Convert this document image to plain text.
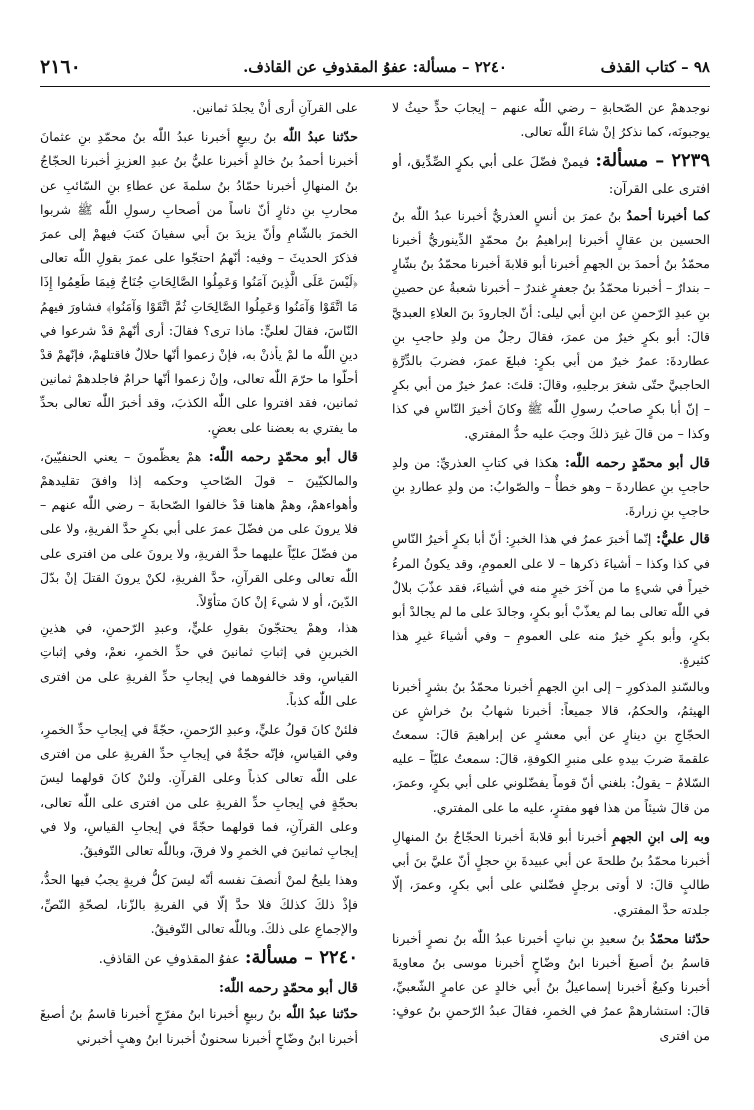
٩٨ – كتاب القذف
٢٢٤٠ – مسألة: عفوُ المقذوفِ عن القاذف.
٢١٦٠

نوجدهمْ عن الصّحابةِ – رضي اللّٰه عنهم – إيجابَ حدٍّ حيثُ لا يوجبونَه، كما نذكرُ إنْ شاءَ اللّٰه تعالى.

٢٢٣٩ – مسألة: فيمنْ فضّلَ على أبي بكرٍ الصِّدِّيق، أو افترى على القرآن:

كما أخبرنا أحمدُ بنُ عمرَ بن أنسٍ العذريُّ أخبرنا عبدُ اللّٰه بنُ الحسين بن عقالٍ أخبرنا إبراهيمُ بنُ محمّدٍ الدِّينوريُّ أخبرنا محمّدُ بنُ أحمدَ بن الجهمِ أخبرنا أبو قلابةَ أخبرنا محمّدُ بنُ بشّارٍ – بندارٌ – أخبرنا محمّدُ بنُ جعفرٍ غندرٌ – أخبرنا شعبةُ عن حصينِ بنِ عبدِ الرّحمنِ عن ابنِ أبي ليلى: أنّ الجارودَ بنَ العلاءِ العبديَّ قالَ: أبو بكرٍ خيرٌ من عمرَ، فقالَ رجلٌ من ولدِ حاجبِ بنِ عطاردةَ: عمرُ خيرٌ من أبي بكرٍ: فبلغَ عمرَ، فضربَ بالدِّرَّةِ الحاجبيَّ حتّى شغرَ برجليهِ، وقالَ: قلتَ: عمرُ خيرٌ من أبي بكرٍ – إنّ أبا بكرٍ صاحبُ رسولِ اللّٰه ﷺ وكانَ أخيرَ النّاسِ في كذا وكذا – من قالَ غيرَ ذلكَ وجبَ عليه حدُّ المفتري.

قال أبو محمّدٍ رحمه اللّٰه: هكذا في كتابِ العذريِّ: من ولدِ حاجبِ بنِ عطاردةَ – وهو خطأٌ – والصّوابُ: من ولدِ عطاردِ بنِ حاجبِ بنِ زرارةَ.
قال عليٌّ: إنّما أخبرَ عمرُ في هذا الخبرِ: أنّ أبا بكرٍ أخيرُ النّاسِ في كذا وكذا – أشياءَ ذكرها – لا على العمومِ، وقد يكونُ المرءُ خيراً في شيءٍ ما من آخرَ خيرٍ منه في أشياءَ، فقد عذّبَ بلالٌ في اللّٰه تعالى بما لم يعذّبْ أبو بكرٍ، وجالدَ على ما لم يجالدْ أبو بكرٍ، وأبو بكرٍ خيرٌ منه على العمومِ – وفي أشياءَ غيرِ هذا كثيرةٍ.

وبالسّندِ المذكورِ – إلى ابنِ الجهمِ أخبرنا محمّدُ بنُ بشرٍ أخبرنا الهيثمُ، والحكمُ، قالا جميعاً: أخبرنا شهابُ بنُ خراشٍ عن الحجّاجِ بنِ دينارٍ عن أبي معشرٍ عن إبراهيمَ قالَ: سمعتُ علقمةَ ضربَ بيدهِ على منبرِ الكوفةِ، قالَ: سمعتُ عليّاً – عليه السّلامُ – يقولُ: بلغني أنّ قوماً يفضّلوني على أبي بكرٍ، وعمرَ، من قالَ شيئاً من هذا فهو مفترٍ، عليه ما على المفتري.

وبه إلى ابنِ الجهمِ أخبرنا أبو قلابةَ أخبرنا الحجّاجُ بنُ المنهالِ أخبرنا محمّدُ بنُ طلحةَ عن أبي عبيدةَ بنِ حجلٍ أنّ عليَّ بنَ أبي طالبٍ قالَ: لا أوتى برجلٍ فضّلني على أبي بكرٍ، وعمرَ، إلّا جلدته حدَّ المفتري.

حدّثنا محمّدُ بنُ سعيدِ بنِ نباتٍ أخبرنا عبدُ اللّٰه بنُ نصرٍ أخبرنا قاسمُ بنُ أصبغَ أخبرنا ابنُ وضّاحٍ أخبرنا موسى بنُ معاويةَ أخبرنا وكيعٌ أخبرنا إسماعيلُ بنُ أبي خالدٍ عن عامرٍ الشّعبيِّ، قالَ: استشارهمْ عمرُ في الخمرِ، فقالَ عبدُ الرّحمنِ بنُ عوفٍ: من افترى

على القرآنِ أرى أنْ يجلدَ ثمانين.

حدّثنا عبدُ اللّٰه بنُ ربيعٍ أخبرنا عبدُ اللّٰه بنُ محمّدِ بنِ عثمانَ أخبرنا أحمدُ بنُ خالدٍ أخبرنا عليُّ بنُ عبدِ العزيزِ أخبرنا الحجّاجُ بنُ المنهالِ أخبرنا حمّادُ بنُ سلمةَ عن عطاءِ بنِ السّائبِ عن محاربِ بنِ دثارٍ أنّ ناساً من أصحابِ رسولِ اللّٰه ﷺ شربوا الخمرَ بالشّامِ وأنّ يزيدَ بنَ أبي سفيانَ كتبَ فيهمْ إلى عمرَ فذكرَ الحديثَ – وفيه: أنّهمُ احتجّوا على عمرَ بقولِ اللّٰه تعالى ﴿لَيْسَ عَلَى الَّذِينَ آمَنُوا وَعَمِلُوا الصَّالِحَاتِ جُنَاحٌ فِيمَا طَعِمُوا إِذَا مَا اتَّقَوْا وَآمَنُوا وَعَمِلُوا الصَّالِحَاتِ ثُمَّ اتَّقَوْا وَآمَنُوا﴾ فشاورَ فيهمُ النّاسَ، فقالَ لعليٍّ: ماذا ترى؟ فقالَ: أرى أنّهمْ قدْ شرعوا في دينِ اللّٰه ما لمْ يأذنْ به، فإنْ زعموا أنّها حلالٌ فاقتلهمْ، فإنّهمْ قدْ أحلّوا ما حرّمَ اللّٰه تعالى، وإنْ زعموا أنّها حرامٌ فاجلدهمْ ثمانين ثمانين، فقد افتروا على اللّٰه الكذبَ، وقد أخبرَ اللّٰه تعالى بحدِّ ما يفتري به بعضنا على بعضٍ.

قال أبو محمّدٍ رحمه اللّٰه: همْ يعظّمونَ – يعني الحنفيّينَ، والمالكيّينَ – قولَ الصّاحبِ وحكمه إذا وافقَ تقليدهمْ وأهواءهمْ، وهمْ هاهنا قدْ خالفوا الصّحابةَ – رضي اللّٰه عنهم – فلا يرونَ على من فضّلَ عمرَ على أبي بكرٍ حدَّ الفريةِ، ولا على من فضّلَ عليّاً عليهما حدَّ الفريةِ، ولا يرونَ على من افترى على اللّٰه تعالى وعلى القرآنِ، حدَّ الفريةِ، لكنْ يرونَ القتلَ إنْ بدّلَ الدّينَ، أو لا شيءَ إنْ كانَ متأوّلاً.

هذا، وهمْ يحتجّونَ بقولِ عليٍّ، وعبدِ الرّحمنِ، في هذينِ الخبرينِ في إثباتِ ثمانينَ في حدِّ الخمرِ، نعمْ، وفي إثباتِ القياسِ، وقد خالفوهما في إيجابِ حدِّ الفريةِ على من افترى على اللّٰه كذباً.

فلئنْ كانَ قولُ عليٍّ، وعبدِ الرّحمنِ، حجّةً في إيجابِ حدِّ الخمرِ، وفي القياسِ، فإنّه حجّةٌ في إيجابِ حدِّ الفريةِ على من افترى على اللّٰه تعالى كذباً وعلى القرآنِ. ولئنْ كانَ قولهما ليسَ بحجّةٍ في إيجابِ حدِّ الفريةِ على من افترى على اللّٰه تعالى، وعلى القرآنِ، فما قولهما حجّةً في إيجابِ القياسِ، ولا في إيجابِ ثمانينَ في الخمرِ ولا فرقَ، وباللّٰه تعالى التّوفيقُ.

وهذا يليحُ لمنْ أنصفَ نفسه أنّه ليسَ كلُّ فريةٍ يجبُ فيها الحدُّ، فإذْ ذلكَ كذلكَ فلا حدَّ إلّا في الفريةِ بالزّنا، لصحّةِ النّصِّ، والإجماعِ على ذلكَ. وباللّٰه تعالى التّوفيقُ.

٢٢٤٠ – مسألة: عفوُ المقذوفِ عن القاذفِ.
قال أبو محمّدٍ رحمه اللّٰه:

حدّثنا عبدُ اللّٰه بنُ ربيعٍ أخبرنا ابنُ مفرّجٍ أخبرنا قاسمُ بنُ أصبغَ أخبرنا ابنُ وضّاحٍ أخبرنا سحنونٌ أخبرنا ابنُ وهبٍ أخبرني
